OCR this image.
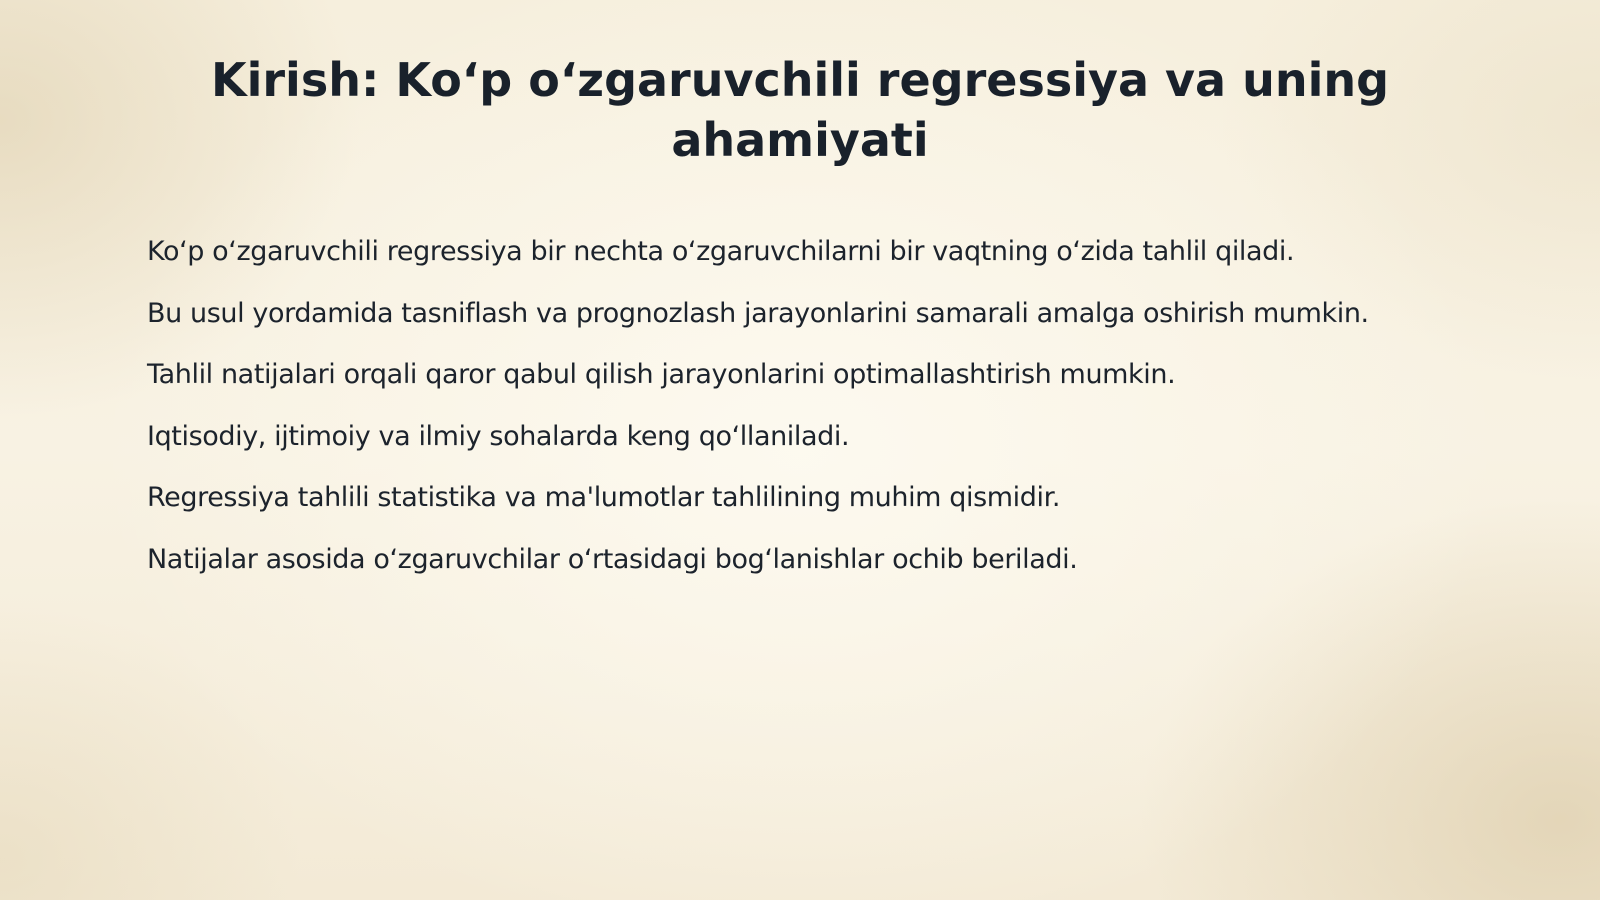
Kirish: Ko‘p o‘zgaruvchili regressiya va uning ahamiyati
Ko‘p o‘zgaruvchili regressiya bir nechta o‘zgaruvchilarni bir vaqtning o‘zida tahlil qiladi.
Bu usul yordamida tasniflash va prognozlash jarayonlarini samarali amalga oshirish mumkin.
Tahlil natijalari orqali qaror qabul qilish jarayonlarini optimallashtirish mumkin.
Iqtisodiy, ijtimoiy va ilmiy sohalarda keng qo‘llaniladi.
Regressiya tahlili statistika va ma'lumotlar tahlilining muhim qismidir.
Natijalar asosida o‘zgaruvchilar o‘rtasidagi bog‘lanishlar ochib beriladi.
